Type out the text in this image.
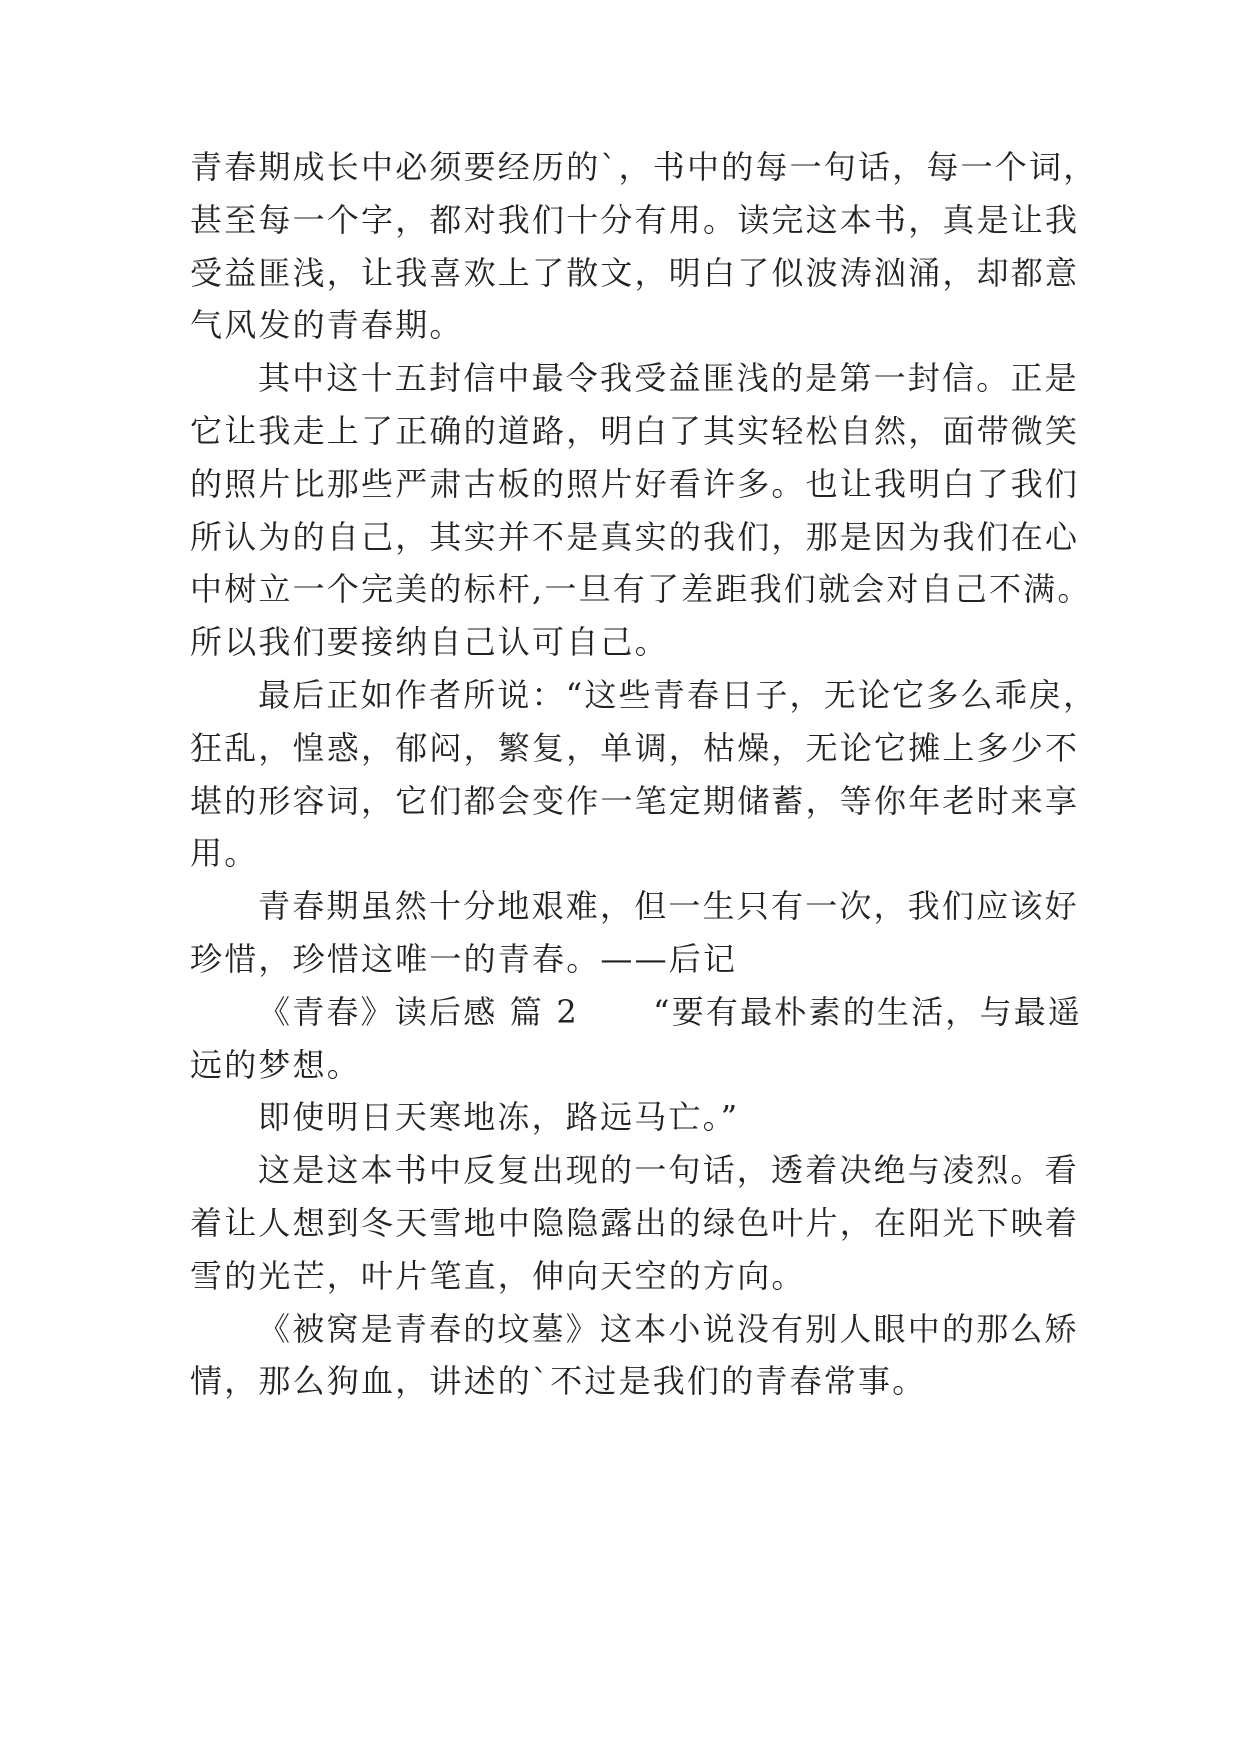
青春期成长中必须要经历的`，书中的每一句话，每一个词，
甚至每一个字，都对我们十分有用。读完这本书，真是让我
受益匪浅，让我喜欢上了散文，明白了似波涛汹涌，却都意
气风发的青春期。
其中这十五封信中最令我受益匪浅的是第一封信。正是
它让我走上了正确的道路，明白了其实轻松自然，面带微笑
的照片比那些严肃古板的照片好看许多。也让我明白了我们
所认为的自己，其实并不是真实的我们，那是因为我们在心
中树立一个完美的标杆,一旦有了差距我们就会对自己不满。
所以我们要接纳自己认可自己。
最后正如作者所说：“这些青春日子，无论它多么乖戾，
狂乱，惶惑，郁闷，繁复，单调，枯燥，无论它摊上多少不
堪的形容词，它们都会变作一笔定期储蓄，等你年老时来享
用。
青春期虽然十分地艰难，但一生只有一次，我们应该好
珍惜，珍惜这唯一的青春。——后记
《青春》读后感 篇 2      “要有最朴素的生活，与最遥
远的梦想。
即使明日天寒地冻，路远马亡。”
这是这本书中反复出现的一句话，透着决绝与凌烈。看
着让人想到冬天雪地中隐隐露出的绿色叶片，在阳光下映着
雪的光芒，叶片笔直，伸向天空的方向。
《被窝是青春的坟墓》这本小说没有别人眼中的那么矫
情，那么狗血，讲述的`不过是我们的青春常事。
